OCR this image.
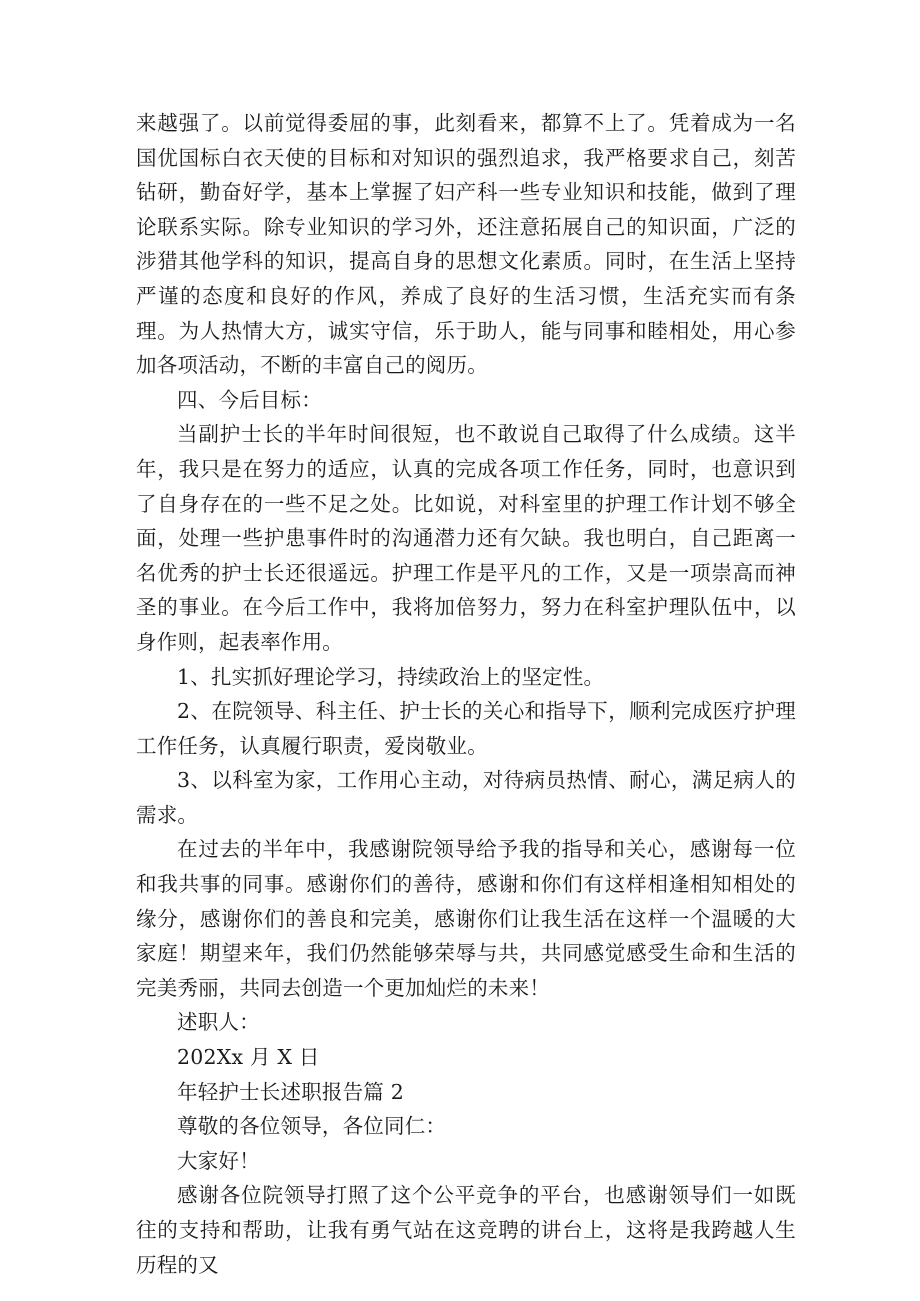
来越强了。以前觉得委屈的事，此刻看来，都算不上了。凭着成为一名国优国标白衣天使的目标和对知识的强烈追求，我严格要求自己，刻苦钻研，勤奋好学，基本上掌握了妇产科一些专业知识和技能，做到了理论联系实际。除专业知识的学习外，还注意拓展自己的知识面，广泛的涉猎其他学科的知识，提高自身的思想文化素质。同时，在生活上坚持严谨的态度和良好的作风，养成了良好的生活习惯，生活充实而有条理。为人热情大方，诚实守信，乐于助人，能与同事和睦相处，用心参加各项活动，不断的丰富自己的阅历。

四、今后目标：

当副护士长的半年时间很短，也不敢说自己取得了什么成绩。这半年，我只是在努力的适应，认真的完成各项工作任务，同时，也意识到了自身存在的一些不足之处。比如说，对科室里的护理工作计划不够全面，处理一些护患事件时的沟通潜力还有欠缺。我也明白，自己距离一名优秀的护士长还很遥远。护理工作是平凡的工作，又是一项崇高而神圣的事业。在今后工作中，我将加倍努力，努力在科室护理队伍中，以身作则，起表率作用。

1、扎实抓好理论学习，持续政治上的坚定性。

2、在院领导、科主任、护士长的关心和指导下，顺利完成医疗护理工作任务，认真履行职责，爱岗敬业。

3、以科室为家，工作用心主动，对待病员热情、耐心，满足病人的需求。

在过去的半年中，我感谢院领导给予我的指导和关心，感谢每一位和我共事的同事。感谢你们的善待，感谢和你们有这样相逢相知相处的缘分，感谢你们的善良和完美，感谢你们让我生活在这样一个温暖的大家庭！期望来年，我们仍然能够荣辱与共，共同感觉感受生命和生活的完美秀丽，共同去创造一个更加灿烂的未来！

述职人：

202Xx 月 X 日

年轻护士长述职报告篇 2

尊敬的各位领导，各位同仁：

大家好！

感谢各位院领导打照了这个公平竞争的平台，也感谢领导们一如既往的支持和帮助，让我有勇气站在这竞聘的讲台上，这将是我跨越人生历程的又
